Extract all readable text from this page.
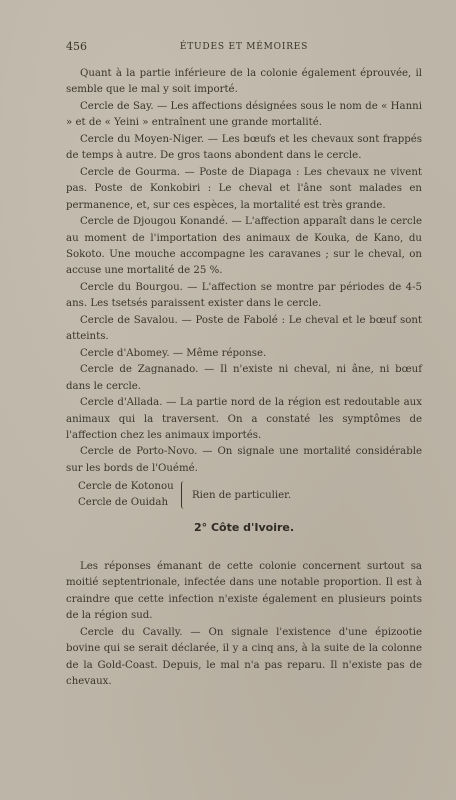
456	ÉTUDES ET MÉMOIRES

Quant à la partie inférieure de la colonie également éprouvée, il semble que le mal y soit importé.

Cercle de Say. — Les affections désignées sous le nom de « Hanni » et de « Yeini » entraînent une grande mortalité.

Cercle du Moyen-Niger. — Les bœufs et les chevaux sont frappés de temps à autre. De gros taons abondent dans le cercle.

Cercle de Gourma. — Poste de Diapaga : Les chevaux ne vivent pas. Poste de Konkobiri : Le cheval et l'âne sont malades en permanence, et, sur ces espèces, la mortalité est très grande.

Cercle de Djougou Konandé. — L'affection apparaît dans le cercle au moment de l'importation des animaux de Kouka, de Kano, du Sokoto. Une mouche accompagne les caravanes ; sur le cheval, on accuse une mortalité de 25 %.

Cercle du Bourgou. — L'affection se montre par périodes de 4-5 ans. Les tsetsés paraissent exister dans le cercle.

Cercle de Savalou. — Poste de Fabolé : Le cheval et le bœuf sont atteints.

Cercle d'Abomey. — Même réponse.

Cercle de Zagnanado. — Il n'existe ni cheval, ni âne, ni bœuf dans le cercle.

Cercle d'Allada. — La partie nord de la région est redoutable aux animaux qui la traversent. On a constaté les symptômes de l'affection chez les animaux importés.

Cercle de Porto-Novo. — On signale une mortalité considérable sur les bords de l'Ouémé.

Cercle de Kotonou
Cercle de Ouidah
Rien de particulier.
2° Côte d'Ivoire.

Les réponses émanant de cette colonie concernent surtout sa moitié septentrionale, infectée dans une notable proportion. Il est à craindre que cette infection n'existe également en plusieurs points de la région sud.

Cercle du Cavally. — On signale l'existence d'une épizootie bovine qui se serait déclarée, il y a cinq ans, à la suite de la colonne de la Gold-Coast. Depuis, le mal n'a pas reparu. Il n'existe pas de chevaux.
